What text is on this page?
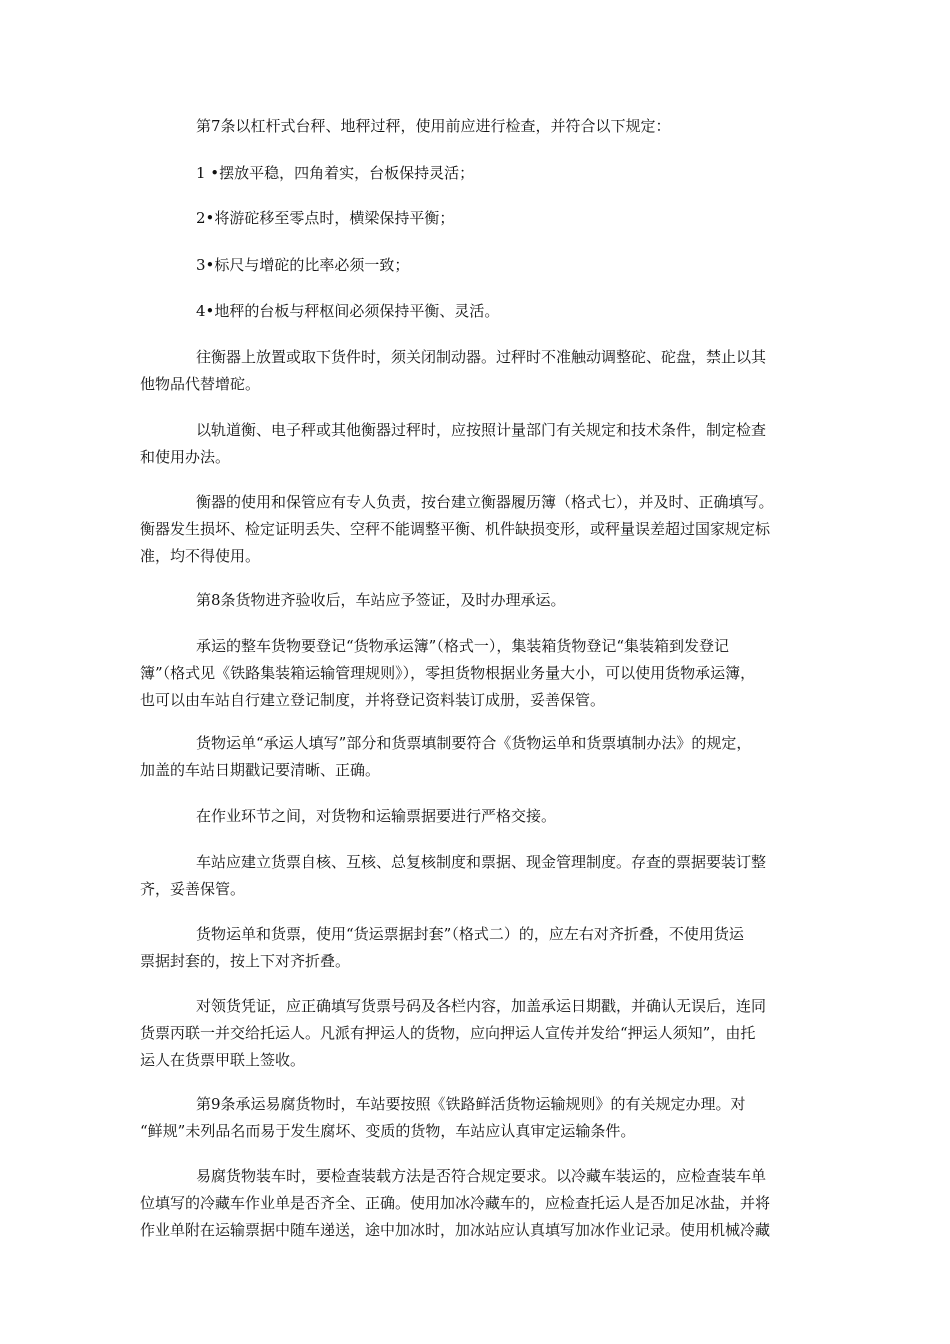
第7条以杠杆式台秤、地秤过秤，使用前应进行检查，并符合以下规定：

1 •摆放平稳，四角着实，台板保持灵活；

2•将游砣移至零点时，横梁保持平衡；

3•标尺与增砣的比率必须一致；

4•地秤的台板与秤枢间必须保持平衡、灵活。

往衡器上放置或取下货件时，须关闭制动器。过秤时不准触动调整砣、砣盘，禁止以其
他物品代替增砣。

以轨道衡、电子秤或其他衡器过秤时，应按照计量部门有关规定和技术条件，制定检查
和使用办法。

衡器的使用和保管应有专人负责，按台建立衡器履历簿（格式七），并及时、正确填写。
衡器发生损坏、检定证明丢失、空秤不能调整平衡、机件缺损变形，或秤量误差超过国家规定标
准，均不得使用。

第8条货物进齐验收后，车站应予签证，及时办理承运。

承运的整车货物要登记“货物承运簿”（格式一），集装箱货物登记“集装箱到发登记
簿”（格式见《铁路集装箱运输管理规则》），零担货物根据业务量大小，可以使用货物承运簿，
也可以由车站自行建立登记制度，并将登记资料装订成册，妥善保管。

货物运单“承运人填写”部分和货票填制要符合《货物运单和货票填制办法》的规定，
加盖的车站日期戳记要清晰、正确。

在作业环节之间，对货物和运输票据要进行严格交接。

车站应建立货票自核、互核、总复核制度和票据、现金管理制度。存查的票据要装订整
齐，妥善保管。

货物运单和货票，使用“货运票据封套”（格式二）的，应左右对齐折叠，不使用货运
票据封套的，按上下对齐折叠。

对领货凭证，应正确填写货票号码及各栏内容，加盖承运日期戳，并确认无误后，连同
货票丙联一并交给托运人。凡派有押运人的货物，应向押运人宣传并发给“押运人须知”，由托
运人在货票甲联上签收。

第9条承运易腐货物时，车站要按照《铁路鲜活货物运输规则》的有关规定办理。对
“鲜规”未列品名而易于发生腐坏、变质的货物，车站应认真审定运输条件。

易腐货物装车时，要检查装载方法是否符合规定要求。以冷藏车装运的，应检查装车单
位填写的冷藏车作业单是否齐全、正确。使用加冰冷藏车的，应检查托运人是否加足冰盐，并将
作业单附在运输票据中随车递送，途中加冰时，加冰站应认真填写加冰作业记录。使用机械冷藏
